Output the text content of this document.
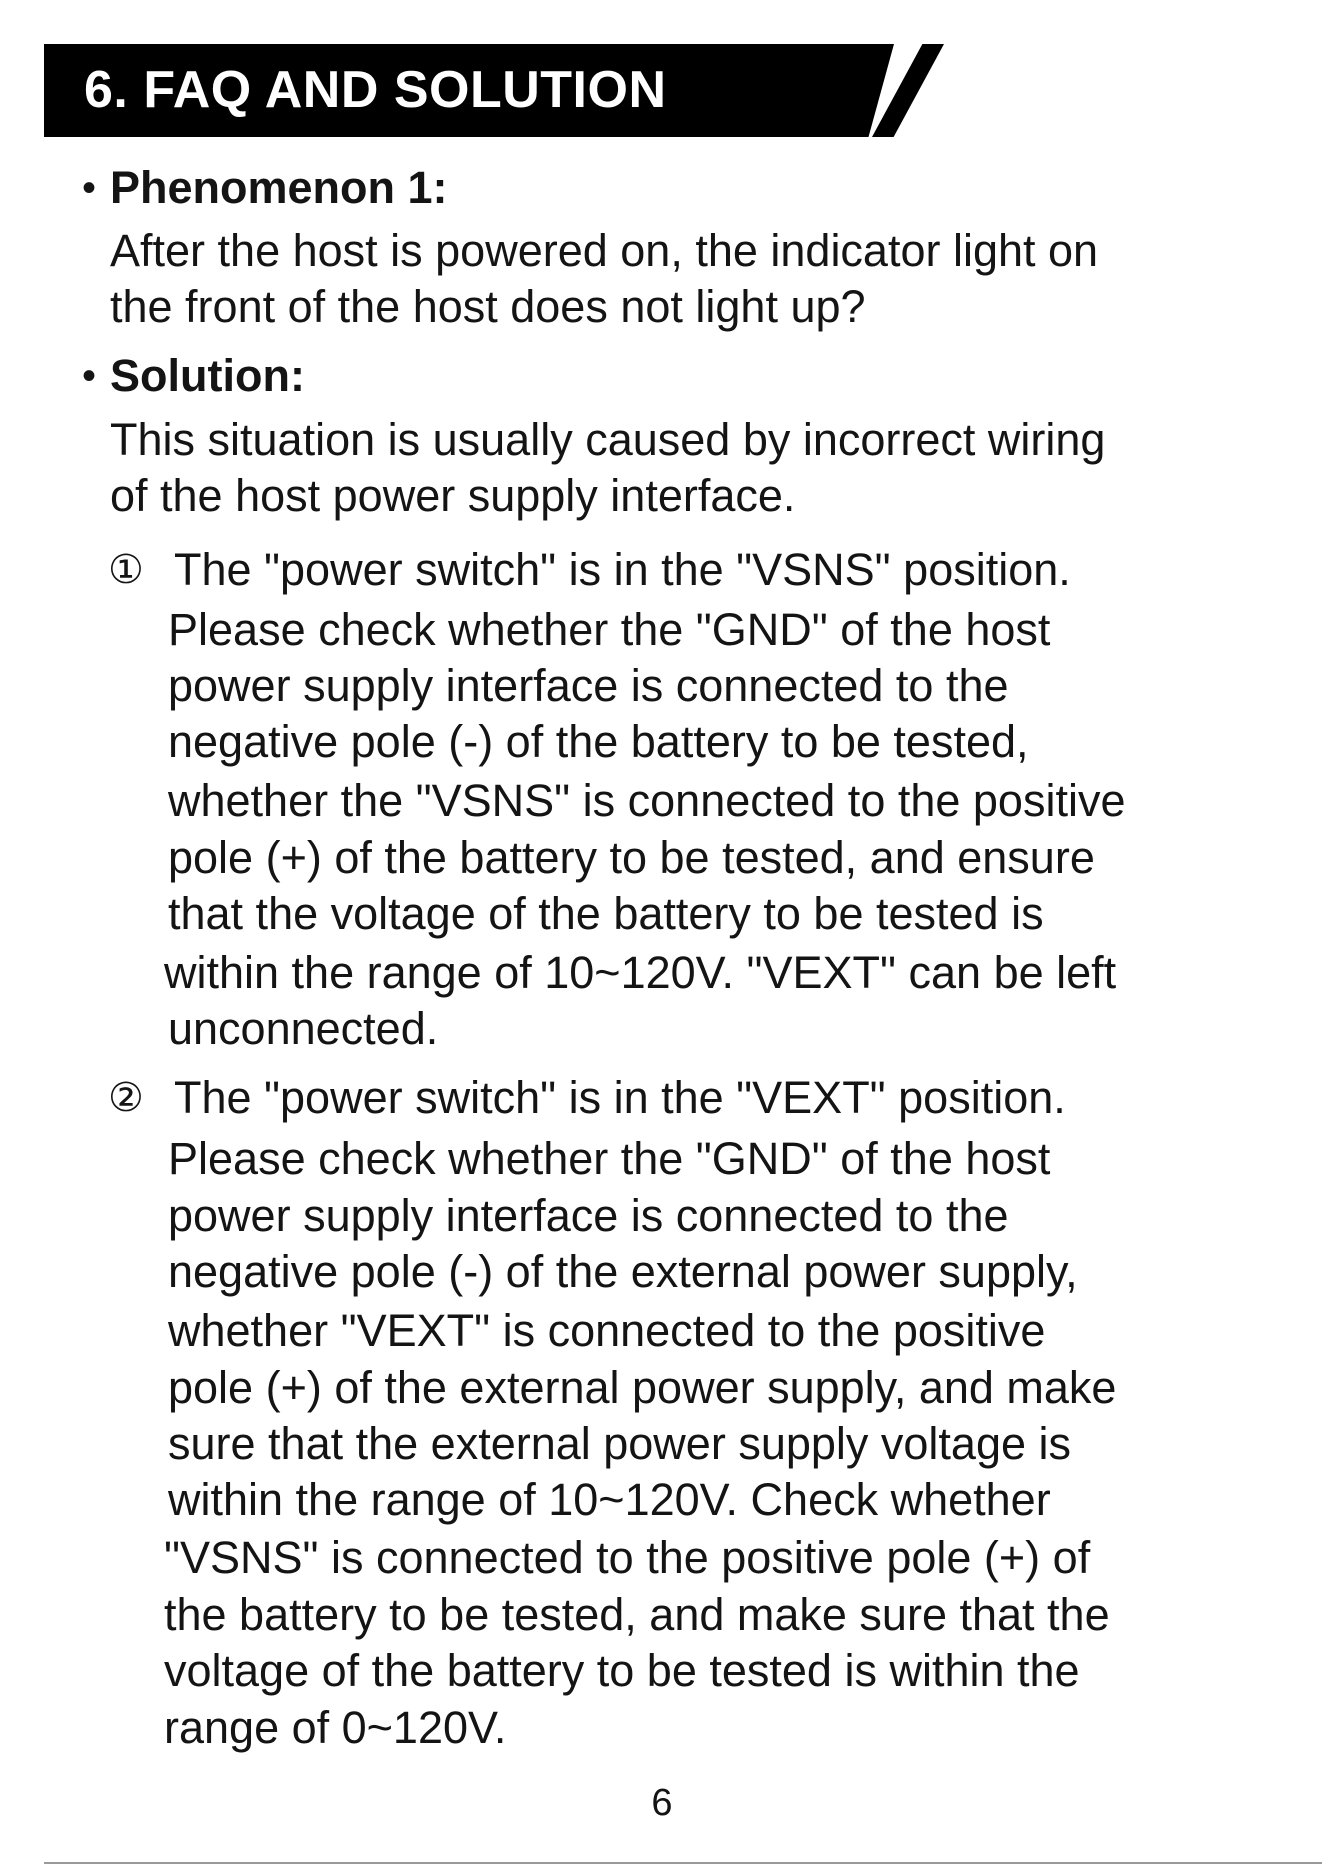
6. FAQ AND SOLUTION
• Phenomenon 1:
After the host is powered on, the indicator light on
the front of the host does not light up?
• Solution:
This situation is usually caused by incorrect wiring
of the host power supply interface.
① The "power switch" is in the "VSNS" position.
Please check whether the "GND" of the host
power supply interface is connected to the
negative pole (-) of the battery to be tested,
whether the "VSNS" is connected to the positive
pole (+) of the battery to be tested, and ensure
that the voltage of the battery to be tested is
within the range of 10~120V. "VEXT" can be left
unconnected.
② The "power switch" is in the "VEXT" position.
Please check whether the "GND" of the host
power supply interface is connected to the
negative pole (-) of the external power supply,
whether "VEXT" is connected to the positive
pole (+) of the external power supply, and make
sure that the external power supply voltage is
within the range of 10~120V. Check whether
"VSNS" is connected to the positive pole (+) of
the battery to be tested, and make sure that the
voltage of the battery to be tested is within the
range of 0~120V.
6
